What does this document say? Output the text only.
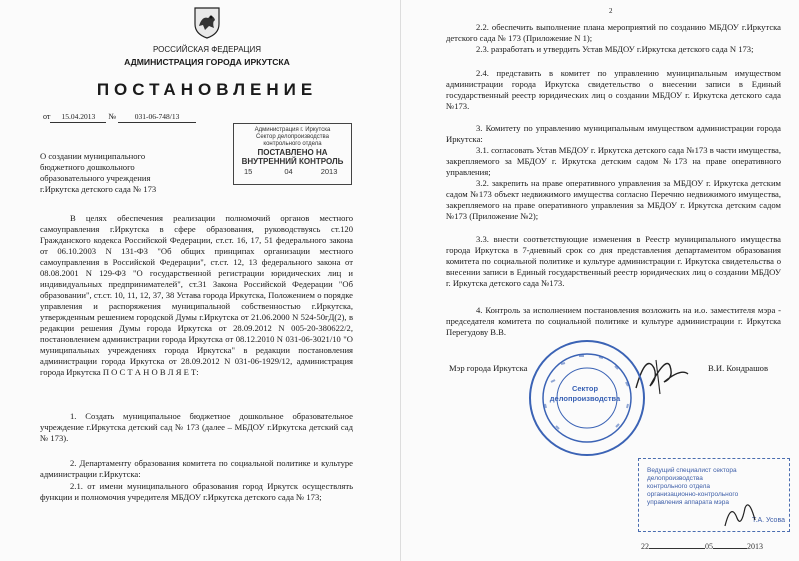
РОССИЙСКАЯ ФЕДЕРАЦИЯ
АДМИНИСТРАЦИЯ ГОРОДА ИРКУТСКА
ПОСТАНОВЛЕНИЕ
от 15.04.2013 № 031-06-748/13
О создании муниципального
бюджетного дошкольного
образовательного учреждения
г.Иркутска детского сада № 173
Администрация г. Иркутска
Сектор делопроизводства
контрольного отдела
ПОСТАВЛЕНО НА
ВНУТРЕННИЙ КОНТРОЛЬ
15	04	2013
В целях обеспечения реализации полномочий органов местного самоуправления г.Иркутска в сфере образования, руководствуясь ст.120 Гражданского кодекса Российской Федерации, ст.ст. 16, 17, 51 федерального закона от 06.10.2003 N 131-ФЗ "Об общих принципах организации местного самоуправления в Российской Федерации", ст.ст. 12, 13 федерального закона от 08.08.2001 N 129-ФЗ "О государственной регистрации юридических лиц и индивидуальных предпринимателей", ст.31 Закона Российской Федерации "Об образовании", ст.ст. 10, 11, 12, 37, 38 Устава города Иркутска, Положением о порядке управления и распоряжения муниципальной собственностью г.Иркутска, утвержденным решением городской Думы г.Иркутска от 21.06.2000 N 524-50гД(2), в редакции решения Думы города Иркутска от 28.09.2012 N 005-20-380622/2, постановлением администрации города Иркутска от 08.12.2010 N 031-06-3021/10 "О муниципальных учреждениях города Иркутска" в редакции постановления администрации города Иркутска от 28.09.2012 N 031-06-1929/12, администрация города Иркутска П О С Т А Н О В Л Я Е Т:
1. Создать муниципальное бюджетное дошкольное образовательное учреждение г.Иркутска детский сад № 173 (далее – МБДОУ г.Иркутска детский сад № 173).
2. Департаменту образования комитета по социальной политике и культуре администрации г.Иркутска:
2.1. от имени муниципального образования город Иркутск осуществлять функции и полномочия учредителя МБДОУ г.Иркутска детского сада № 173;
2
2.2. обеспечить выполнение плана мероприятий по созданию МБДОУ г.Иркутска детского сада № 173 (Приложение N 1);
2.3. разработать и утвердить Устав МБДОУ г.Иркутска детского сада N 173;
2.4. представить в комитет по управлению муниципальным имуществом администрации города Иркутска свидетельство о внесении записи в Единый государственный реестр юридических лиц о создании МБДОУ г. Иркутска детского сада №173.
3. Комитету по управлению муниципальным имуществом администрации города Иркутска:
3.1. согласовать Устав МБДОУ г. Иркутска детского сада №173 в части имущества, закрепляемого за МБДОУ г. Иркутска детским садом №173 на праве оперативного управления;
3.2. закрепить на праве оперативного управления за МБДОУ г. Иркутска детским садом №173 объект недвижимого имущества согласно Перечню недвижимого имущества, закрепляемого на праве оперативного управления за МБДОУ г. Иркутска детским садом №173 (Приложение №2);
3.3. внести соответствующие изменения в Реестр муниципального имущества города Иркутска в 7-дневный срок со дня представления департаментом образования комитета по социальной политике и культуре администрации г. Иркутска свидетельства о внесении записи в Единый государственный реестр юридических лиц о создании МБДОУ г. Иркутска детского сада №173.
4. Контроль за исполнением постановления возложить на и.о. заместителя мэра - председателя комитета по социальной политике и культуре администрации г. Иркутска Перегудову В.В.
Мэр города Иркутска	В.И. Кондрашов
Сектор
делопроизводства
Ведущий специалист сектора
делопроизводства
контрольного отдела
организационно-контрольного
управления аппарата мэра
Т.А. Усова
22	05	2013
